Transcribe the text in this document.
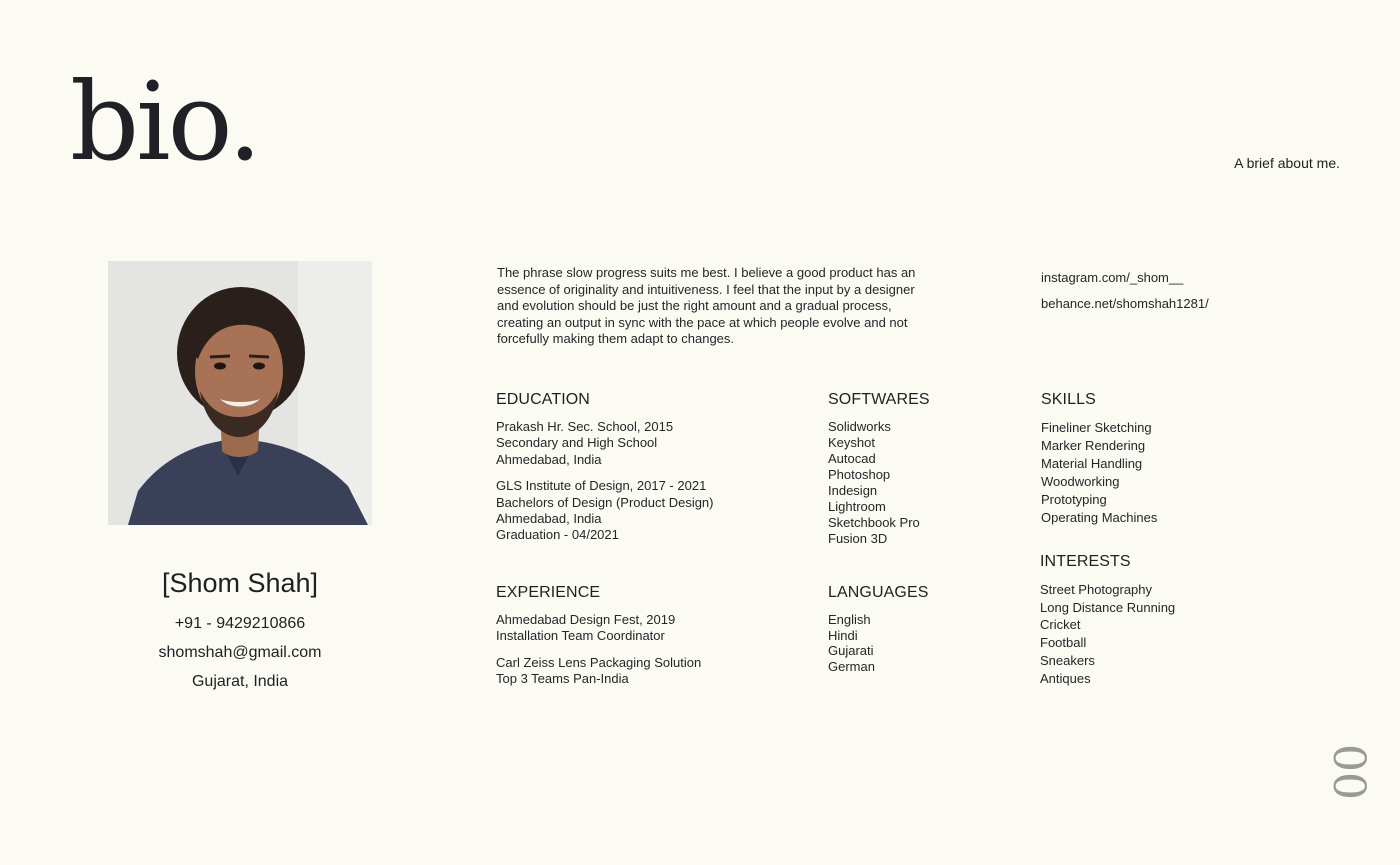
bio.	A brief about me.
[Shom Shah]

+91 - 9429210866

shomshah@gmail.com

Gujarat, India

The phrase slow progress suits me best. I believe a good product has an essence of originality and intuitiveness. I feel that the input by a designer and evolution should be just the right amount and a gradual process, creating an output in sync with the pace at which people evolve and not forcefully making them adapt to changes.

instagram.com/_shom__
behance.net/shomshah1281/
EDUCATION
Prakash Hr. Sec. School, 2015
Secondary and High School
Ahmedabad, India
GLS Institute of Design, 2017 - 2021
Bachelors of Design (Product Design)
Ahmedabad, India
Graduation - 04/2021
EXPERIENCE
Ahmedabad Design Fest, 2019
Installation Team Coordinator
Carl Zeiss Lens Packaging Solution
Top 3 Teams Pan-India
SOFTWARES
Solidworks
Keyshot
Autocad
Photoshop
Indesign
Lightroom
Sketchbook Pro
Fusion 3D
LANGUAGES
English
Hindi
Gujarati
German
SKILLS
Fineliner Sketching
Marker Rendering
Material Handling
Woodworking
Prototyping
Operating Machines
INTERESTS
Street Photography
Long Distance Running
Cricket
Football
Sneakers
Antiques
00
